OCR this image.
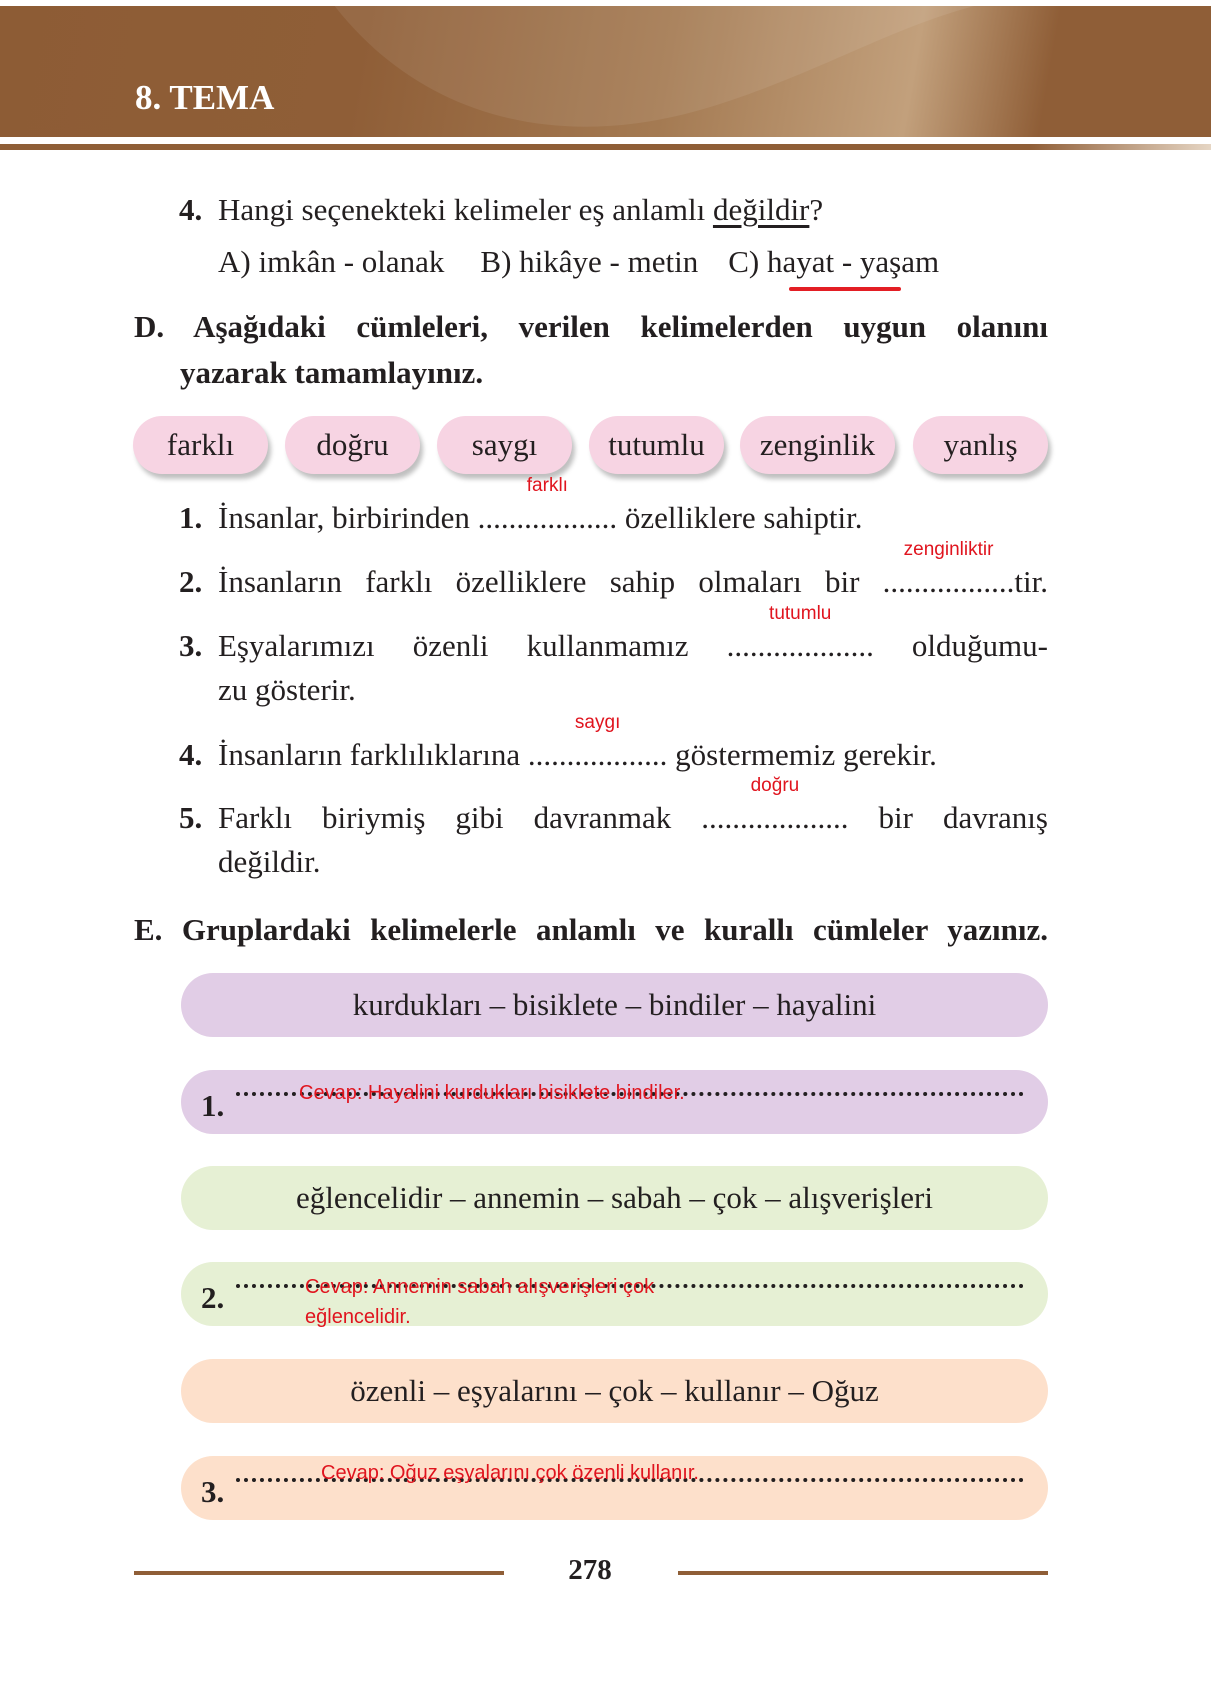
8. TEMA
4. Hangi seçenekteki kelimeler eş anlamlı değildir?
A) imkân - olanak B) hikâye - metin C) hayat - yaşam
D. Aşağıdaki cümleleri, verilen kelimelerden uygun olanını
yazarak tamamlayınız.
farklı	doğru	saygı	tutumlu	zenginlik	yanlış
1. İnsanlar, birbirinden ..................
farklı
özelliklere sahiptir.
2. İnsanların farklı özelliklere sahip olmaları bir .................
zenginliktir
tir.
3. Eşyalarımızı özenli kullanmamız ...................
tutumlu
olduğumu-
zu gösterir.
4. İnsanların farklılıklarına ..................
saygı
göstermemiz gerekir.
5. Farklı biriymiş gibi davranmak ...................
doğru
bir davranış
değildir.
E. Gruplardaki kelimelerle anlamlı ve kurallı cümleler yazınız.
kurdukları – bisiklete – bindiler – hayalini
1.	Cevap: Hayalini kurdukları bisiklete bindiler.
eğlencelidir – annemin – sabah – çok – alışverişleri
2.	Cevap: Annemin sabah alışverişleri çok eğlencelidir.
özenli – eşyalarını – çok – kullanır – Oğuz
3.
Cevap: Oğuz eşyalarını çok özenli kullanır.
278
